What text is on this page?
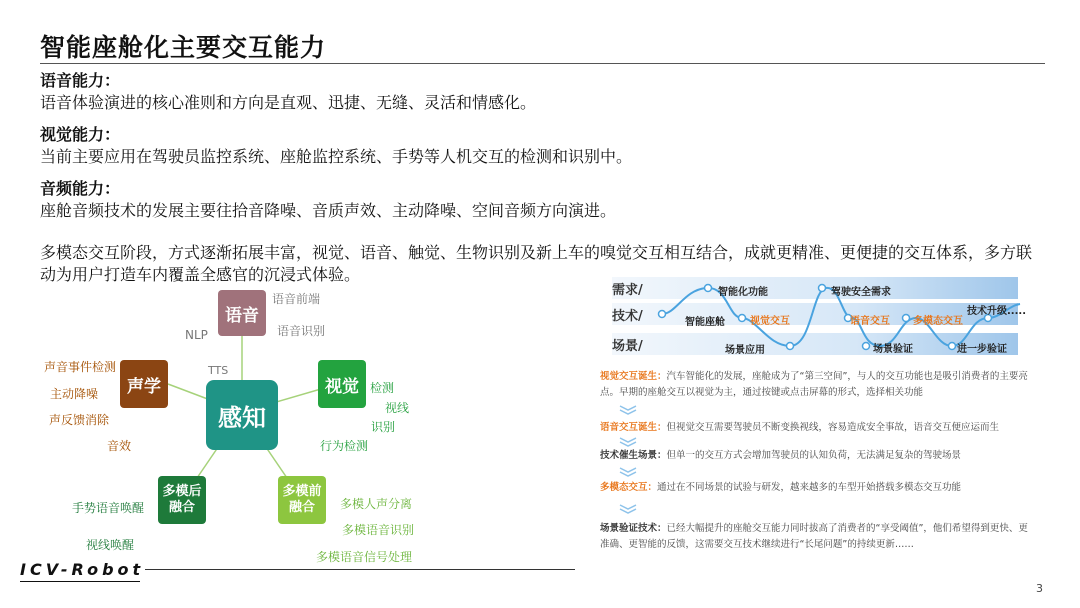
智能座舱化主要交互能力
语音能力：
语音体验演进的核心准则和方向是直观、迅捷、无缝、灵活和情感化。
视觉能力：
当前主要应用在驾驶员监控系统、座舱监控系统、手势等人机交互的检测和识别中。
音频能力：
座舱音频技术的发展主要往拾音降噪、音质声效、主动降噪、空间音频方向演进。
多模态交互阶段，方式逐渐拓展丰富，视觉、语音、触觉、生物识别及新上车的嗅觉交互相互结合，成就更精准、更便捷的交互体系，多方联动为用户打造车内覆盖全感官的沉浸式体验。
语音
声学
感知
视觉
多模后
融合
多模前
融合
语音前端
语音识别
NLP
TTS
声音事件检测
主动降噪
声反馈消除
音效
检测
视线
识别
行为检测
手势语音唤醒
视线唤醒
多模人声分离
多模语音识别
多模语音信号处理
需求/
技术/
场景/
智能化功能	驾驶安全需求
智能座舱	视觉交互	语音交互 多模态交互
技术升级.....
场景应用	场景验证	进一步验证
视觉交互诞生：汽车智能化的发展，座舱成为了“第三空间”，与人的交互功能也是吸引消费者的主要亮点。早期的座舱交互以视觉为主，通过按键或点击屏幕的形式，选择相关功能
语音交互诞生：但视觉交互需要驾驶员不断变换视线，容易造成安全事故，语音交互便应运而生
技术催生场景：但单一的交互方式会增加驾驶员的认知负荷，无法满足复杂的驾驶场景
多模态交互：通过在不同场景的试验与研发，越来越多的车型开始搭载多模态交互功能
场景验证技术：已经大幅提升的座舱交互能力同时拔高了消费者的“享受阈值”，他们希望得到更快、更准确、更智能的反馈，这需要交互技术继续进行“长尾问题”的持续更新……
ICV-Robot
3
